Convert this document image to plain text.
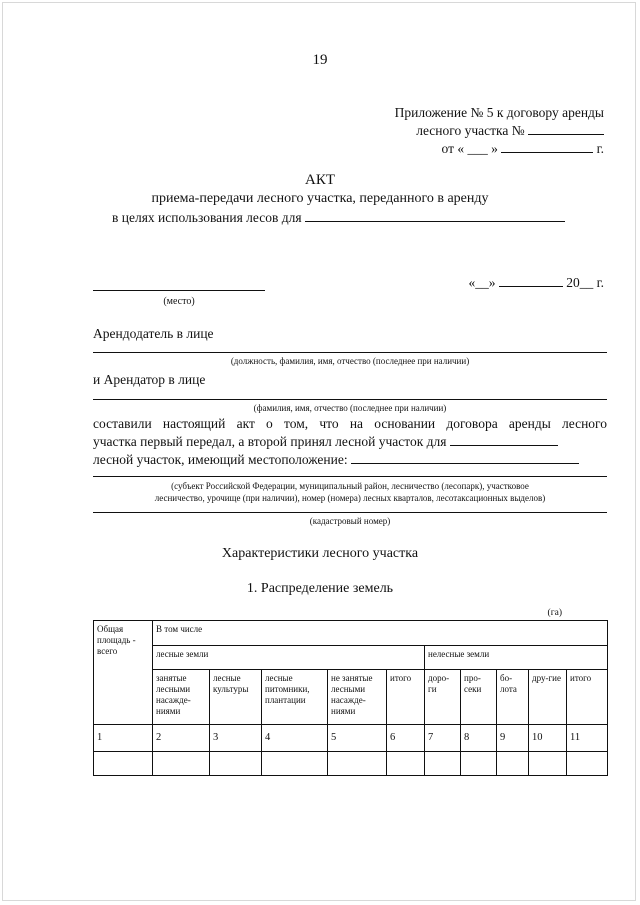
19
Приложение № 5 к договору аренды
лесного участка №
от « ___ »	г.
АКТ
приема-передачи лесного участка, переданного в аренду
в целях использования лесов для
(место)
«__»	20__ г.
Арендодатель в лице
(должность, фамилия, имя, отчество (последнее при наличии)
и Арендатор в лице
(фамилия, имя, отчество (последнее при наличии)
составили настоящий акт о том, что на основании договора аренды лесного
участка первый передал, а второй принял лесной участок для
лесной участок, имеющий местоположение:
(субъект Российской Федерации, муниципальный район, лесничество (лесопарк), участковое
лесничество, урочище (при наличии), номер (номера) лесных кварталов, лесотаксационных выделов)
(кадастровый номер)
Характеристики лесного участка
1. Распределение земель
(га)
Общая площадь - всего	В том числе									
	лесные земли					нелесные земли				
	занятые лесными насажде-ниями	лесные культуры	лесные питомники, плантации	не занятые лесными насажде-ниями	итого	доро-ги	про-секи	бо-лота	дру-гие	итого
1	2	3	4	5	6	7	8	9	10	11
